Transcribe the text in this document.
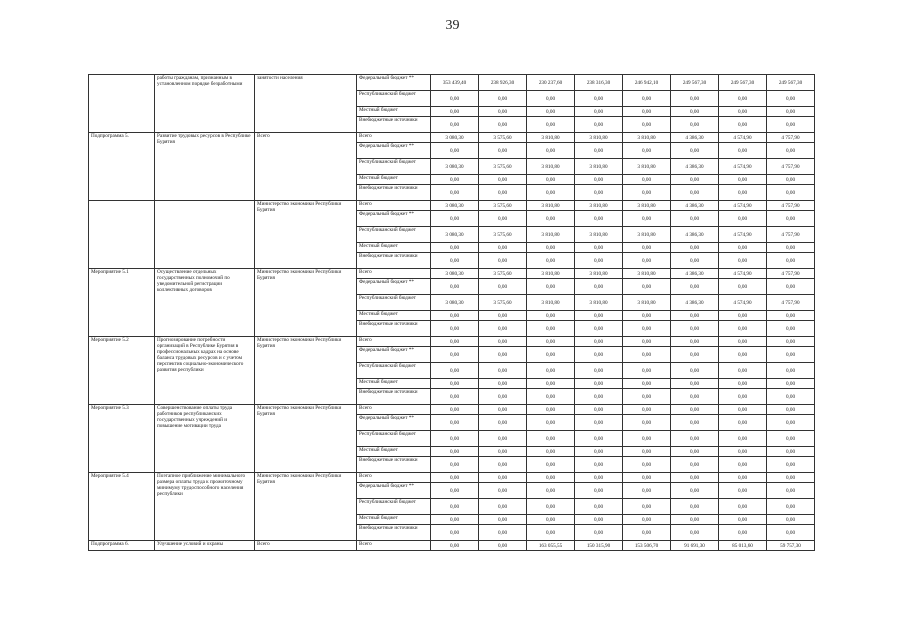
39
	работы гражданам, признанным в установленном порядке безработными	занятости населения	Федеральный бюджет **	353 439,40	238 926,30	230 237,60	238 316,30	246 942,10	249 567,30	249 567,30	249 567,30
			Республиканский бюджет	0,00	0,00	0,00	0,00	0,00	0,00	0,00	0,00
			Местный бюджет	0,00	0,00	0,00	0,00	0,00	0,00	0,00	0,00
			Внебюджетные источники	0,00	0,00	0,00	0,00	0,00	0,00	0,00	0,00
Подпрограмма 5.	Развитие трудовых ресурсов в Республике Бурятия	Всего	Всего	3 080,30	3 575,60	3 810,80	3 810,80	3 810,80	4 386,30	4 574,90	4 757,90
			Федеральный бюджет **	0,00	0,00	0,00	0,00	0,00	0,00	0,00	0,00
			Республиканский бюджет	3 080,30	3 575,60	3 810,80	3 810,80	3 810,80	4 386,30	4 574,90	4 757,90
			Местный бюджет	0,00	0,00	0,00	0,00	0,00	0,00	0,00	0,00
			Внебюджетные источники	0,00	0,00	0,00	0,00	0,00	0,00	0,00	0,00
		Министерство экономики Республики Бурятия	Всего	3 080,30	3 575,60	3 810,80	3 810,80	3 810,80	4 386,30	4 574,90	4 757,90
			Федеральный бюджет **	0,00	0,00	0,00	0,00	0,00	0,00	0,00	0,00
			Республиканский бюджет	3 080,30	3 575,60	3 810,80	3 810,80	3 810,80	4 386,30	4 574,90	4 757,90
			Местный бюджет	0,00	0,00	0,00	0,00	0,00	0,00	0,00	0,00
			Внебюджетные источники	0,00	0,00	0,00	0,00	0,00	0,00	0,00	0,00
Мероприятие 5.1	Осуществление отдельных государственных полномочий по уведомительной регистрации коллективных договоров	Министерство экономики Республики Бурятия	Всего	3 080,30	3 575,60	3 810,80	3 810,80	3 810,80	4 386,30	4 574,90	4 757,90
			Федеральный бюджет **	0,00	0,00	0,00	0,00	0,00	0,00	0,00	0,00
			Республиканский бюджет	3 080,30	3 575,60	3 810,80	3 810,80	3 810,80	4 386,30	4 574,90	4 757,90
			Местный бюджет	0,00	0,00	0,00	0,00	0,00	0,00	0,00	0,00
			Внебюджетные источники	0,00	0,00	0,00	0,00	0,00	0,00	0,00	0,00
Мероприятие 5.2	Прогнозирование потребности организаций в Республике Бурятия в профессиональных кадрах на основе баланса трудовых ресурсов и с учетом перспектив социально-экономического развития республики	Министерство экономики Республики Бурятия	Всего	0,00	0,00	0,00	0,00	0,00	0,00	0,00	0,00
			Федеральный бюджет **	0,00	0,00	0,00	0,00	0,00	0,00	0,00	0,00
			Республиканский бюджет	0,00	0,00	0,00	0,00	0,00	0,00	0,00	0,00
			Местный бюджет	0,00	0,00	0,00	0,00	0,00	0,00	0,00	0,00
			Внебюджетные источники	0,00	0,00	0,00	0,00	0,00	0,00	0,00	0,00
Мероприятие 5.3	Совершенствование оплаты труда работников республиканских государственных учреждений и повышение мотивации труда	Министерство экономики Республики Бурятия	Всего	0,00	0,00	0,00	0,00	0,00	0,00	0,00	0,00
			Федеральный бюджет **	0,00	0,00	0,00	0,00	0,00	0,00	0,00	0,00
			Республиканский бюджет	0,00	0,00	0,00	0,00	0,00	0,00	0,00	0,00
			Местный бюджет	0,00	0,00	0,00	0,00	0,00	0,00	0,00	0,00
			Внебюджетные источники	0,00	0,00	0,00	0,00	0,00	0,00	0,00	0,00
Мероприятие 5.4	Поэтапное приближение минимального размера оплаты труда к прожиточному минимуму трудоспособного населения республики	Министерство экономики Республики Бурятия	Всего	0,00	0,00	0,00	0,00	0,00	0,00	0,00	0,00
			Федеральный бюджет **	0,00	0,00	0,00	0,00	0,00	0,00	0,00	0,00
			Республиканский бюджет	0,00	0,00	0,00	0,00	0,00	0,00	0,00	0,00
			Местный бюджет	0,00	0,00	0,00	0,00	0,00	0,00	0,00	0,00
			Внебюджетные источники	0,00	0,00	0,00	0,00	0,00	0,00	0,00	0,00
Подпрограмма 6.	Улучшение условий и охраны	Всего	Всего	0,00	0,00	163 055,55	150 315,90	153 506,70	91 691,30	85 013,60	59 757,30
